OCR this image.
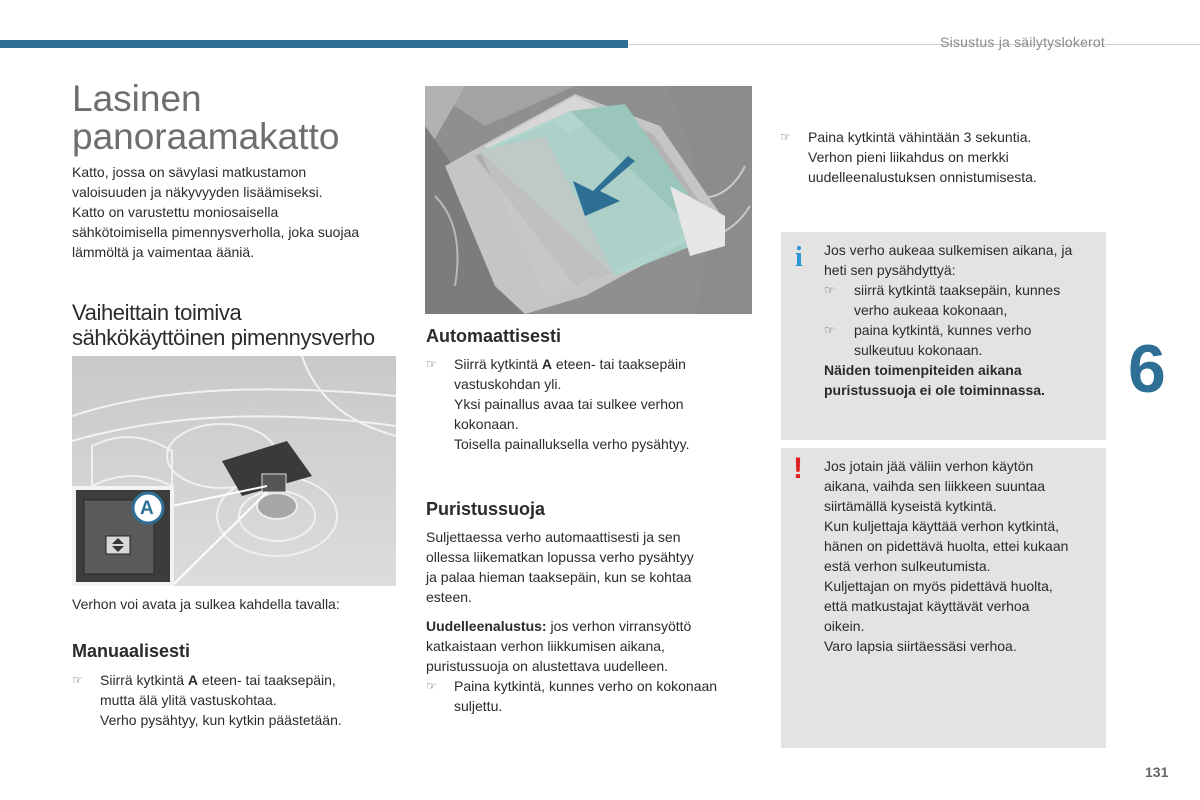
Sisustus ja säilytyslokerot
Lasinen
panoraamakatto

Katto, jossa on sävylasi matkustamon

valoisuuden ja näkyvyyden lisäämiseksi.

Katto on varustettu moniosaisella

sähkötoimisella pimennysverholla, joka suojaa

lämmöltä ja vaimentaa ääniä.

Vaiheittain toimiva
sähkökäyttöinen pimennysverho
A
Verhon voi avata ja sulkea kahdella tavalla:
Manuaalisesti
☞ Siirrä kytkintä A eteen- tai taaksepäin,
mutta älä ylitä vastuskohtaa.
Verho pysähtyy, kun kytkin päästetään.
Automaattisesti
☞ Siirrä kytkintä A eteen- tai taaksepäin
vastuskohdan yli.
Yksi painallus avaa tai sulkee verhon
kokonaan.
Toisella painalluksella verho pysähtyy.
Puristussuoja

Suljettaessa verho automaattisesti ja sen

ollessa liikematkan lopussa verho pysähtyy

ja palaa hieman taaksepäin, kun se kohtaa

esteen.

Uudelleenalustus: jos verhon virransyöttö

katkaistaan verhon liikkumisen aikana,

puristussuoja on alustettava uudelleen.

☞ Paina kytkintä, kunnes verho on kokonaan
suljettu.
☞ Paina kytkintä vähintään 3 sekuntia.
Verhon pieni liikahdus on merkki
uudelleenalustuksen onnistumisesta.
i	Jos verho aukeaa sulkemisen aikana, ja

heti sen pysähdyttyä:

☞ siirrä kytkintä taaksepäin, kunnes
verho aukeaa kokonaan,
☞ paina kytkintä, kunnes verho
sulkeutuu kokonaan.

Näiden toimenpiteiden aikana

puristussuoja ei ole toiminnassa.

! Jos jotain jää väliin verhon käytön

aikana, vaihda sen liikkeen suuntaa

siirtämällä kyseistä kytkintä.

Kun kuljettaja käyttää verhon kytkintä,

hänen on pidettävä huolta, ettei kukaan

estä verhon sulkeutumista.

Kuljettajan on myös pidettävä huolta,

että matkustajat käyttävät verhoa

oikein.

Varo lapsia siirtäessäsi verhoa.

6
131
